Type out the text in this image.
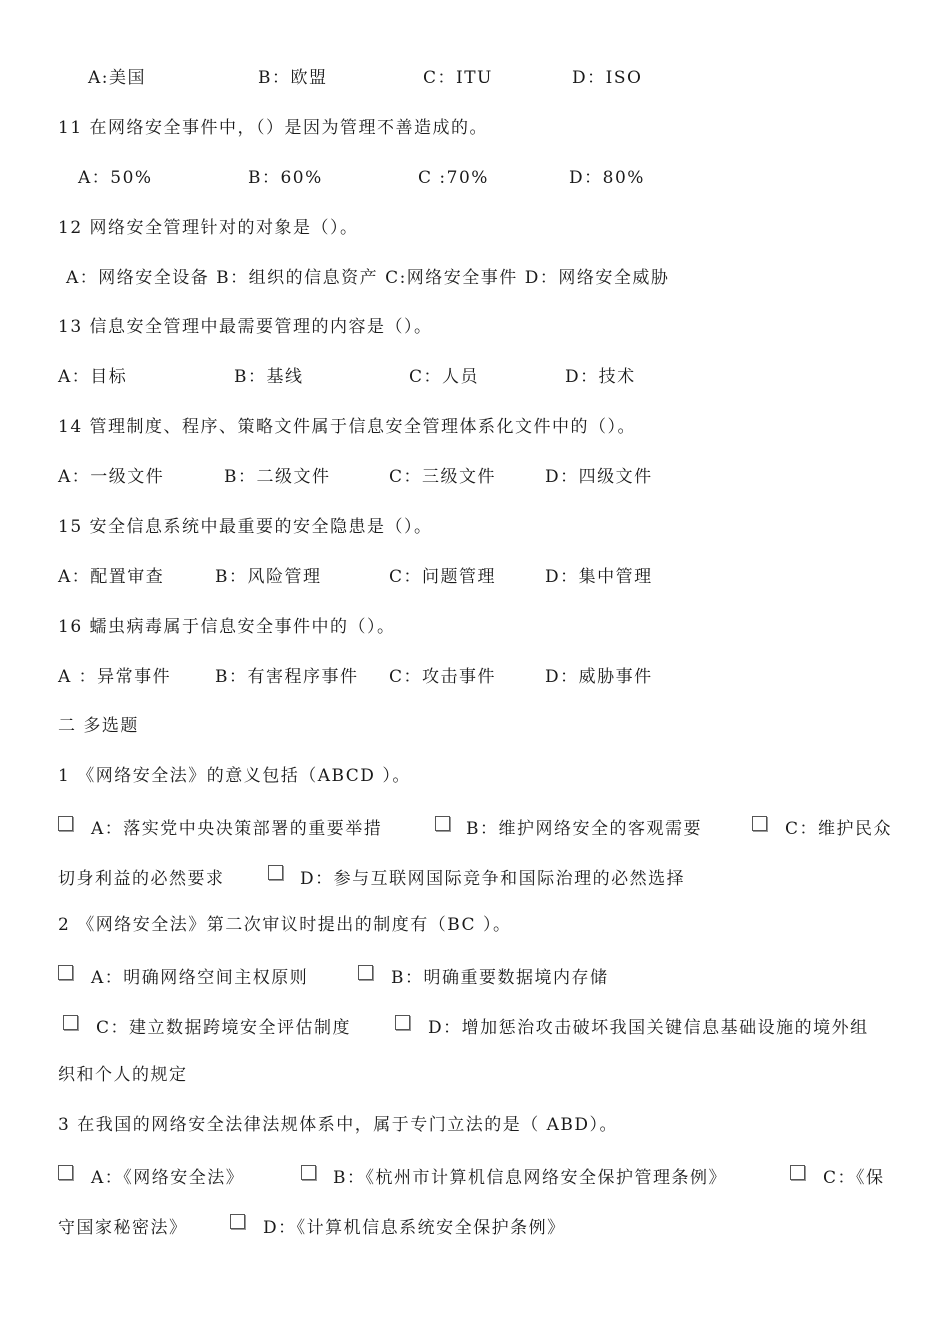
A:美国	B：欧盟	C：ITU	D：ISO
11 在网络安全事件中，（）是因为管理不善造成的。
A：50%	B：60%	C :70%	D：80%
12 网络安全管理针对的对象是（）。
A：网络安全设备 B：组织的信息资产 C:网络安全事件 D：网络安全威胁
13 信息安全管理中最需要管理的内容是（）。
A：目标	B：基线	C：人员	D：技术
14 管理制度、程序、策略文件属于信息安全管理体系化文件中的（）。
A：一级文件	B：二级文件	C：三级文件	D：四级文件
15 安全信息系统中最重要的安全隐患是（）。
A：配置审查	B：风险管理	C：问题管理	D：集中管理
16 蠕虫病毒属于信息安全事件中的（）。
A ：异常事件	B：有害程序事件 C：攻击事件	D：威胁事件
二 多选题
1 《网络安全法》的意义包括（ABCD ）。
A：落实党中央决策部署的重要举措	B：维护网络安全的客观需要	C：维护民众
切身利益的必然要求	D：参与互联网国际竞争和国际治理的必然选择
2 《网络安全法》第二次审议时提出的制度有（BC ）。
A：明确网络空间主权原则	B：明确重要数据境内存储
C：建立数据跨境安全评估制度	D：增加惩治攻击破坏我国关键信息基础设施的境外组
织和个人的规定
3 在我国的网络安全法律法规体系中，属于专门立法的是（ ABD）。
A：《网络安全法》	B：《杭州市计算机信息网络安全保护管理条例》	C：《保
守国家秘密法》	D：《计算机信息系统安全保护条例》
